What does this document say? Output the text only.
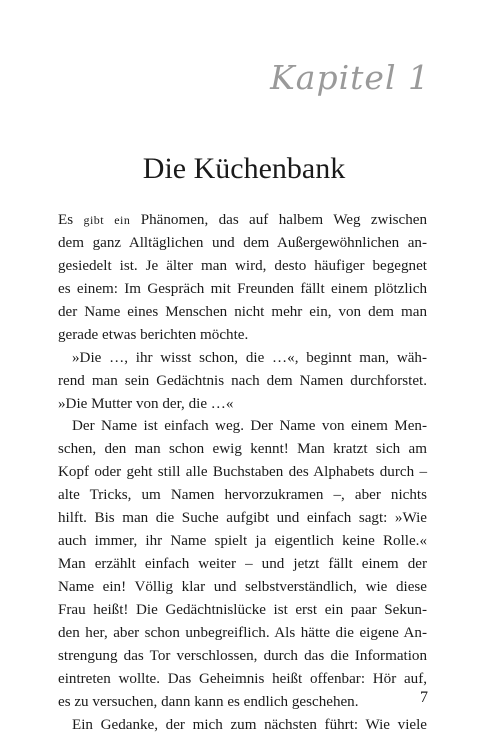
Kapitel 1
Die Küchenbank
Es gibt ein Phänomen, das auf halbem Weg zwischen
dem ganz Alltäglichen und dem Außergewöhnlichen an-
gesiedelt ist. Je älter man wird, desto häufiger begegnet
es einem: Im Gespräch mit Freunden fällt einem plötzlich
der Name eines Menschen nicht mehr ein, von dem man
gerade etwas berichten möchte.
»Die …, ihr wisst schon, die …«, beginnt man, wäh-
rend man sein Gedächtnis nach dem Namen durchforstet.
»Die Mutter von der, die …«
Der Name ist einfach weg. Der Name von einem Men-
schen, den man schon ewig kennt! Man kratzt sich am
Kopf oder geht still alle Buchstaben des Alphabets durch –
alte Tricks, um Namen hervorzukramen –, aber nichts
hilft. Bis man die Suche aufgibt und einfach sagt: »Wie
auch immer, ihr Name spielt ja eigentlich keine Rolle.«
Man erzählt einfach weiter – und jetzt fällt einem der
Name ein! Völlig klar und selbstverständlich, wie diese
Frau heißt! Die Gedächtnislücke ist erst ein paar Sekun-
den her, aber schon unbegreiflich. Als hätte die eigene An-
strengung das Tor verschlossen, durch das die Information
eintreten wollte. Das Geheimnis heißt offenbar: Hör auf,
es zu versuchen, dann kann es endlich geschehen.
Ein Gedanke, der mich zum nächsten führt: Wie viele
7
